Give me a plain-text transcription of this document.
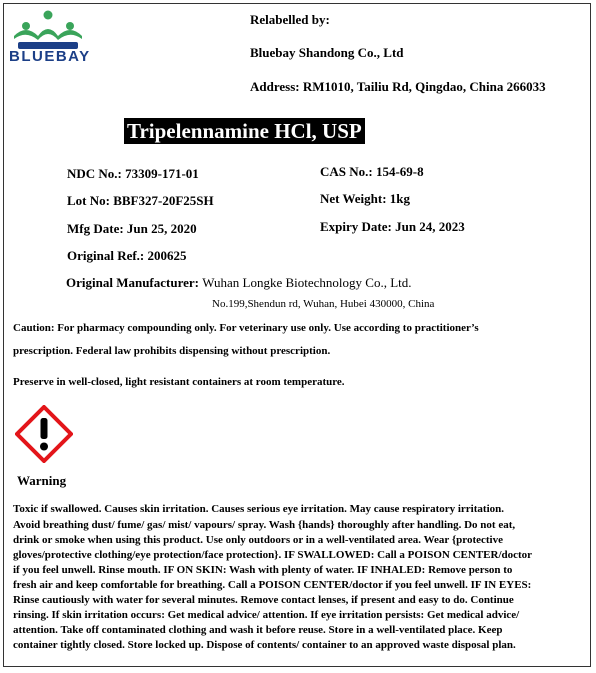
BLUEBAY
Relabelled by:
Bluebay Shandong Co., Ltd
Address: RM1010, Tailiu Rd, Qingdao, China 266033
Tripelennamine HCl, USP
NDC No.: 73309-171-01
Lot No: BBF327-20F25SH
Mfg Date: Jun 25, 2020
Original Ref.: 200625
CAS No.: 154-69-8
Net Weight: 1kg
Expiry Date: Jun 24, 2023
Original Manufacturer: Wuhan Longke Biotechnology Co., Ltd.
No.199,Shendun rd, Wuhan, Hubei 430000, China
Caution: For pharmacy compounding only. For veterinary use only. Use according to practitioner’s
prescription. Federal law prohibits dispensing without prescription.
Preserve in well-closed, light resistant containers at room temperature.
Warning
Toxic if swallowed. Causes skin irritation. Causes serious eye irritation. May cause respiratory irritation.
Avoid breathing dust/ fume/ gas/ mist/ vapours/ spray. Wash {hands} thoroughly after handling. Do not eat,
drink or smoke when using this product. Use only outdoors or in a well-ventilated area. Wear {protective
gloves/protective clothing/eye protection/face protection}. IF SWALLOWED: Call a POISON CENTER/doctor
if you feel unwell. Rinse mouth. IF ON SKIN: Wash with plenty of water. IF INHALED: Remove person to
fresh air and keep comfortable for breathing. Call a POISON CENTER/doctor if you feel unwell. IF IN EYES:
Rinse cautiously with water for several minutes. Remove contact lenses, if present and easy to do. Continue
rinsing. If skin irritation occurs: Get medical advice/ attention. If eye irritation persists: Get medical advice/
attention. Take off contaminated clothing and wash it before reuse. Store in a well-ventilated place. Keep
container tightly closed. Store locked up. Dispose of contents/ container to an approved waste disposal plan.
